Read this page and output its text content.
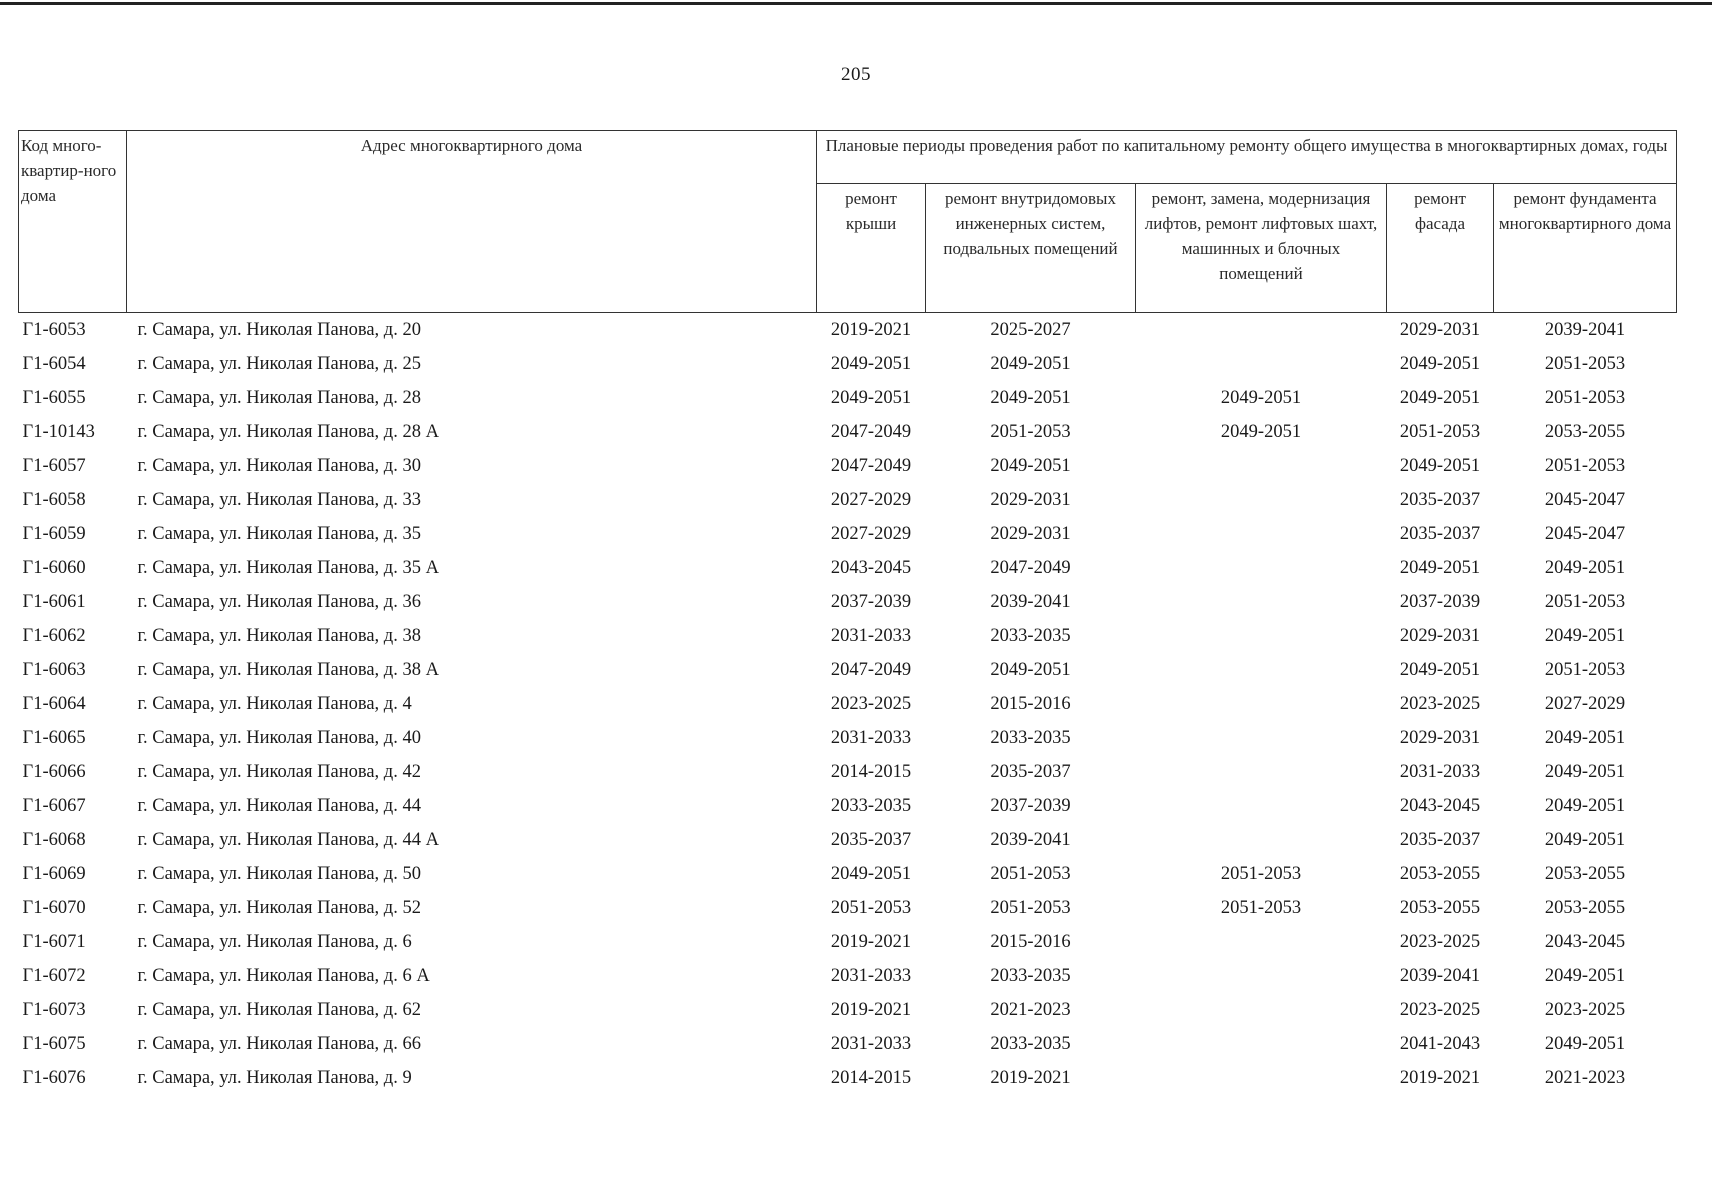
205
Код много-квартир-ного дома	Адрес многоквартирного дома	Плановые периоды проведения работ по капитальному ремонту общего имущества в многоквартирных домах, годы				
		ремонт крыши	ремонт внутридомовых инженерных систем, подвальных помещений	ремонт, замена, модернизация лифтов, ремонт лифтовых шахт, машинных и блочных помещений	ремонт фасада	ремонт фундамента многоквартирного дома
Г1-6053	г. Самара, ул. Николая Панова, д. 20	2019-2021	2025-2027		2029-2031	2039-2041
Г1-6054	г. Самара, ул. Николая Панова, д. 25	2049-2051	2049-2051		2049-2051	2051-2053
Г1-6055	г. Самара, ул. Николая Панова, д. 28	2049-2051	2049-2051	2049-2051	2049-2051	2051-2053
Г1-10143	г. Самара, ул. Николая Панова, д. 28 А	2047-2049	2051-2053	2049-2051	2051-2053	2053-2055
Г1-6057	г. Самара, ул. Николая Панова, д. 30	2047-2049	2049-2051		2049-2051	2051-2053
Г1-6058	г. Самара, ул. Николая Панова, д. 33	2027-2029	2029-2031		2035-2037	2045-2047
Г1-6059	г. Самара, ул. Николая Панова, д. 35	2027-2029	2029-2031		2035-2037	2045-2047
Г1-6060	г. Самара, ул. Николая Панова, д. 35 А	2043-2045	2047-2049		2049-2051	2049-2051
Г1-6061	г. Самара, ул. Николая Панова, д. 36	2037-2039	2039-2041		2037-2039	2051-2053
Г1-6062	г. Самара, ул. Николая Панова, д. 38	2031-2033	2033-2035		2029-2031	2049-2051
Г1-6063	г. Самара, ул. Николая Панова, д. 38 А	2047-2049	2049-2051		2049-2051	2051-2053
Г1-6064	г. Самара, ул. Николая Панова, д. 4	2023-2025	2015-2016		2023-2025	2027-2029
Г1-6065	г. Самара, ул. Николая Панова, д. 40	2031-2033	2033-2035		2029-2031	2049-2051
Г1-6066	г. Самара, ул. Николая Панова, д. 42	2014-2015	2035-2037		2031-2033	2049-2051
Г1-6067	г. Самара, ул. Николая Панова, д. 44	2033-2035	2037-2039		2043-2045	2049-2051
Г1-6068	г. Самара, ул. Николая Панова, д. 44 А	2035-2037	2039-2041		2035-2037	2049-2051
Г1-6069	г. Самара, ул. Николая Панова, д. 50	2049-2051	2051-2053	2051-2053	2053-2055	2053-2055
Г1-6070	г. Самара, ул. Николая Панова, д. 52	2051-2053	2051-2053	2051-2053	2053-2055	2053-2055
Г1-6071	г. Самара, ул. Николая Панова, д. 6	2019-2021	2015-2016		2023-2025	2043-2045
Г1-6072	г. Самара, ул. Николая Панова, д. 6 А	2031-2033	2033-2035		2039-2041	2049-2051
Г1-6073	г. Самара, ул. Николая Панова, д. 62	2019-2021	2021-2023		2023-2025	2023-2025
Г1-6075	г. Самара, ул. Николая Панова, д. 66	2031-2033	2033-2035		2041-2043	2049-2051
Г1-6076	г. Самара, ул. Николая Панова, д. 9	2014-2015	2019-2021		2019-2021	2021-2023
